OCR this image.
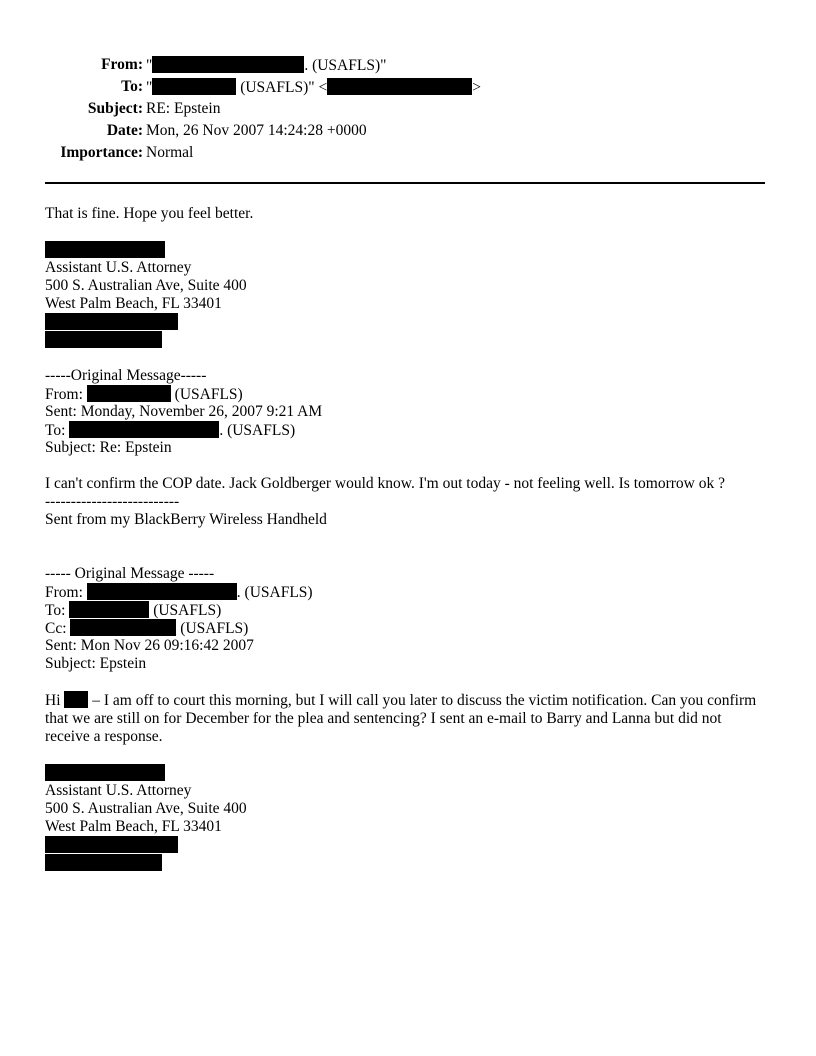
From: "	. (USAFLS)"
To: "	(USAFLS)" <	>
Subject: RE: Epstein
Date: Mon, 26 Nov 2007 14:24:28 +0000
Importance: Normal
That is fine. Hope you feel better.
Assistant U.S. Attorney
500 S. Australian Ave, Suite 400
West Palm Beach, FL 33401
-----Original Message-----
From:	(USAFLS)
Sent: Monday, November 26, 2007 9:21 AM
To:	. (USAFLS)
Subject: Re: Epstein
I can't confirm the COP date. Jack Goldberger would know. I'm out today - not feeling well. Is tomorrow ok ?
--------------------------
Sent from my BlackBerry Wireless Handheld
----- Original Message -----
From:	. (USAFLS)
To:	(USAFLS)
Cc:	(USAFLS)
Sent: Mon Nov 26 09:16:42 2007
Subject: Epstein
Hi  – I am off to court this morning, but I will call you later to discuss the victim notification. Can you confirm that we are still on for December for the plea and sentencing? I sent an e-mail to Barry and Lanna but did not receive a response.
Assistant U.S. Attorney
500 S. Australian Ave, Suite 400
West Palm Beach, FL 33401
